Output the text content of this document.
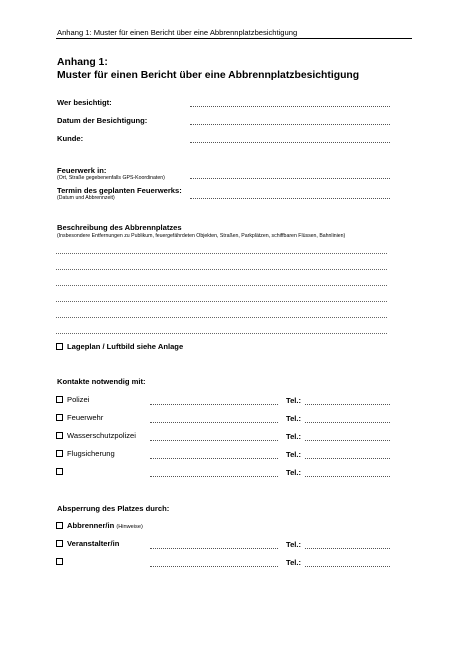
Anhang 1: Muster für einen Bericht über eine Abbrennplatzbesichtigung
Anhang 1:
Muster für einen Bericht über eine Abbrennplatzbesichtigung
Wer besichtigt:
Datum der Besichtigung:
Kunde:
Feuerwerk in:
(Ort, Straße gegebenenfalls GPS-Koordinaten)
Termin des geplanten Feuerwerks:
(Datum und Abbrennzeit)
Beschreibung des Abbrennplatzes
(Insbesondere Entfernungen zu Publikum, feuergefährdeten Objekten, Straßen, Parkplätzen, schiffbaren Flüssen, Bahnlinien)
Lageplan / Luftbild siehe Anlage
Kontakte notwendig mit:
Polizei	Tel.:
Feuerwehr	Tel.:
Wasserschutzpolizei	Tel.:
Flugsicherung	Tel.:
Tel.:
Absperrung des Platzes durch:
Abbrenner/in (Hinweise)
Veranstalter/in	Tel.:
Tel.:
